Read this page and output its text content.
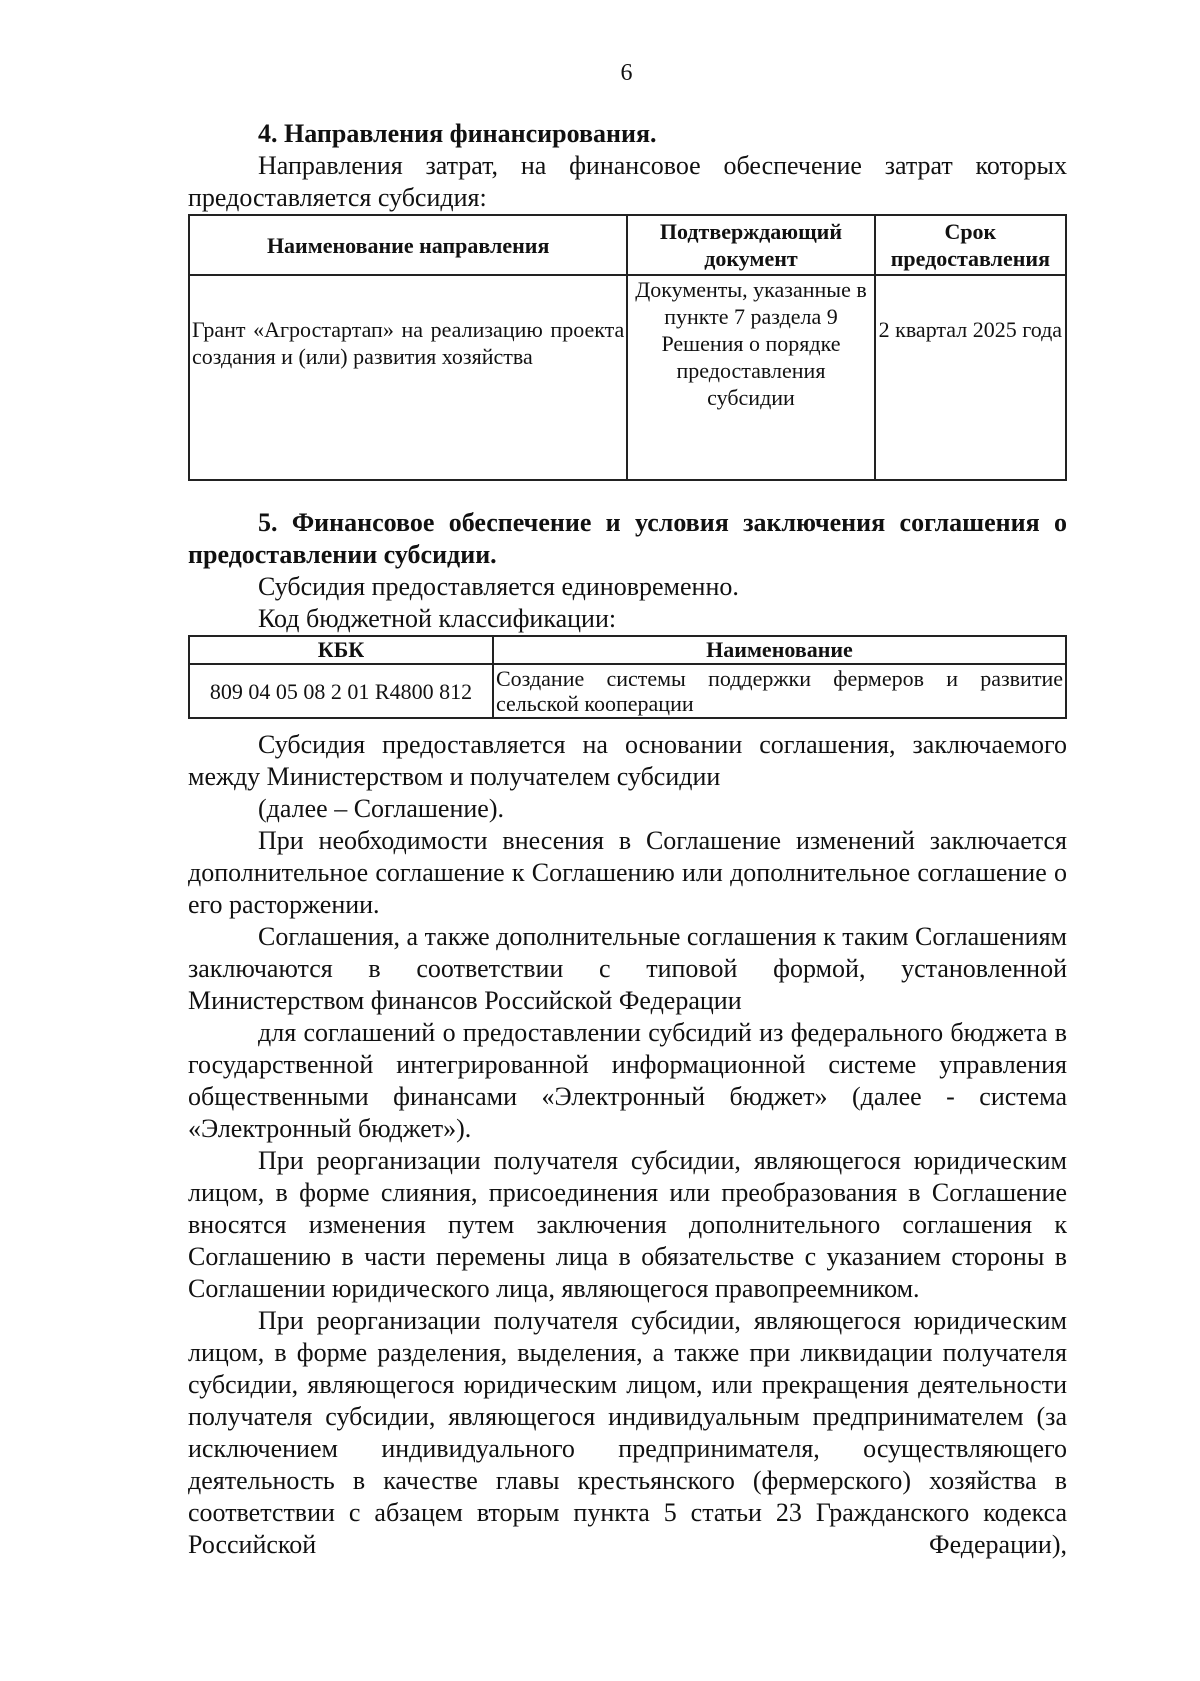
6

4. Направления финансирования.

Направления затрат, на финансовое обеспечение затрат которых предоставляется субсидия:

Наименование направления	Подтверждающий документ	Срок предоставления
Грант «Агростартап» на реализацию проекта создания и (или) развития хозяйства	Документы, указанные в пункте 7 раздела 9 Решения о порядке предоставления субсидии	2 квартал 2025 года

5. Финансовое обеспечение и условия заключения соглашения о предоставлении субсидии.

Субсидия предоставляется единовременно.

Код бюджетной классификации:

КБК	Наименование
809 04 05 08 2 01 R4800 812	Создание системы поддержки фермеров и развитие сельской кооперации

Субсидия предоставляется на основании соглашения, заключаемого между Министерством и получателем субсидии

(далее – Соглашение).

При необходимости внесения в Соглашение изменений заключается дополнительное соглашение к Соглашению или дополнительное соглашение о его расторжении.

Соглашения, а также дополнительные соглашения к таким Соглашениям заключаются в соответствии с типовой формой, установленной Министерством финансов Российской Федерации

для соглашений о предоставлении субсидий из федерального бюджета в государственной интегрированной информационной системе управления общественными финансами «Электронный бюджет» (далее - система «Электронный бюджет»).

При реорганизации получателя субсидии, являющегося юридическим лицом, в форме слияния, присоединения или преобразования в Соглашение вносятся изменения путем заключения дополнительного соглашения к Соглашению в части перемены лица в обязательстве с указанием стороны в Соглашении юридического лица, являющегося правопреемником.

При реорганизации получателя субсидии, являющегося юридическим лицом, в форме разделения, выделения, а также при ликвидации получателя субсидии, являющегося юридическим лицом, или прекращения деятельности получателя субсидии, являющегося индивидуальным предпринимателем (за исключением индивидуального предпринимателя, осуществляющего деятельность в качестве главы крестьянского (фермерского) хозяйства в соответствии с абзацем вторым пункта 5 статьи 23 Гражданского кодекса Российской Федерации),
